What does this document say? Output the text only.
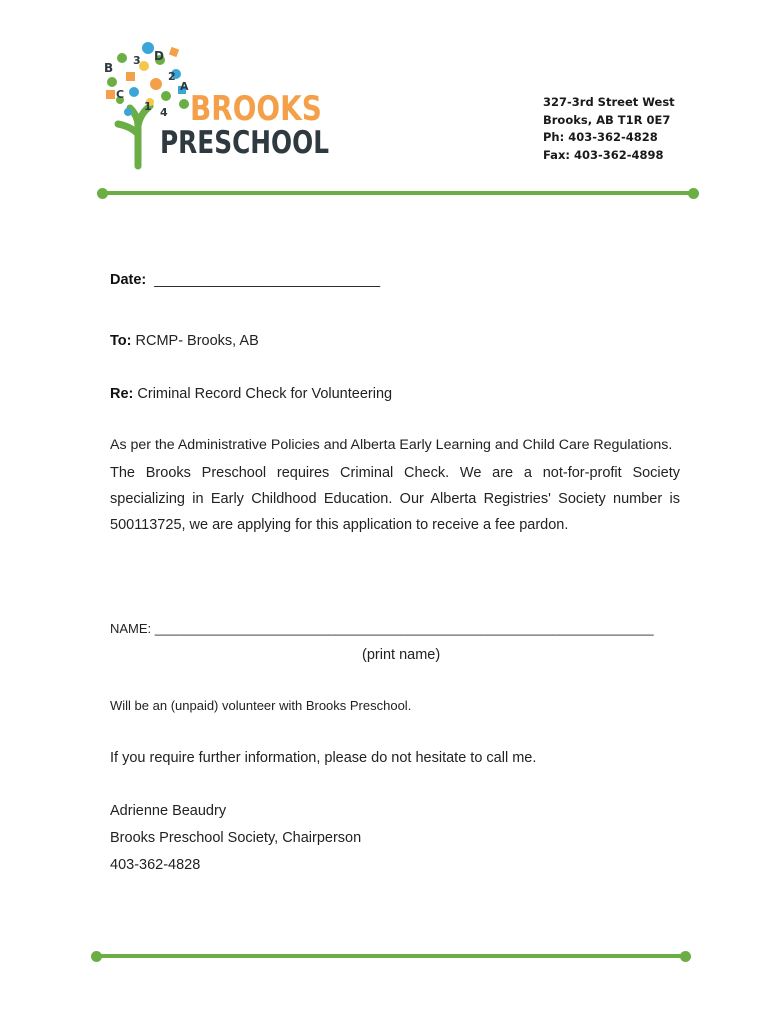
B
3 D
2
A
C
1 4 BROOKS
PRESCHOOL
327-3rd Street West
Brooks, AB T1R 0E7
Ph: 403-362-4828
Fax: 403-362-4898
Date: ____________________________
To: RCMP- Brooks, AB
Re: Criminal Record Check for Volunteering
As per the Administrative Policies and Alberta Early Learning and Child Care Regulations.
The Brooks Preschool requires Criminal Check. We are a not-for-profit Society specializing in Early Childhood Education. Our Alberta Registries' Society number is 500113725, we are applying for this application to receive a fee pardon.
NAME: _____________________________________________________________________
(print name)
Will be an (unpaid) volunteer with Brooks Preschool.
If you require further information, please do not hesitate to call me.
Adrienne Beaudry
Brooks Preschool Society, Chairperson
403-362-4828
